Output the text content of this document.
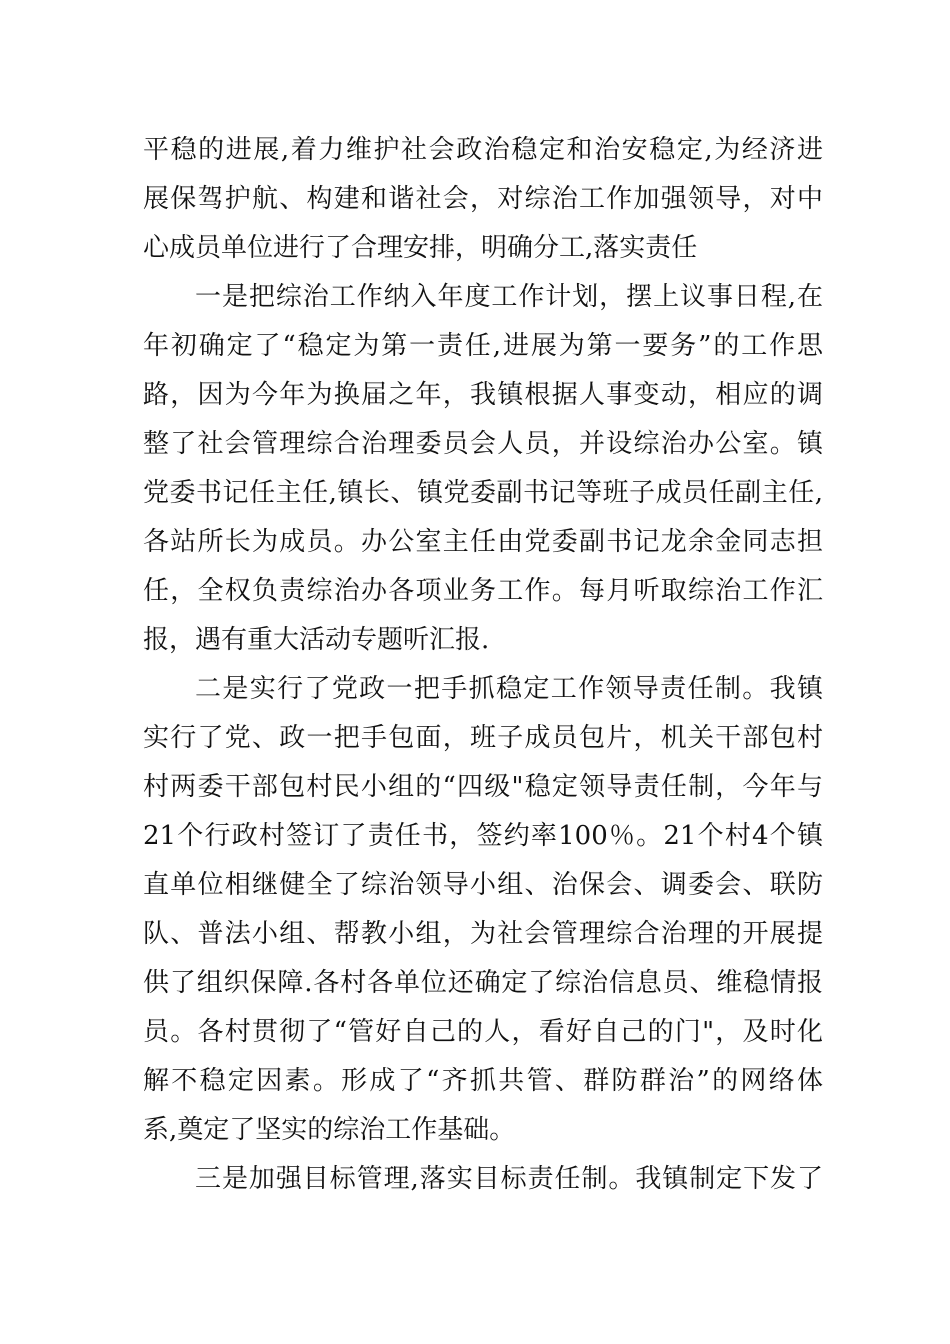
平稳的进展,着力维护社会政治稳定和治安稳定,为经济进
展保驾护航、构建和谐社会，对综治工作加强领导，对中
心成员单位进行了合理安排，明确分工,落实责任
一是把综治工作纳入年度工作计划，摆上议事日程,在
年初确定了“稳定为第一责任,进展为第一要务”的工作思
路，因为今年为换届之年，我镇根据人事变动，相应的调
整了社会管理综合治理委员会人员，并设综治办公室。镇
党委书记任主任,镇长、镇党委副书记等班子成员任副主任,
各站所长为成员。办公室主任由党委副书记龙余金同志担
任，全权负责综治办各项业务工作。每月听取综治工作汇
报，遇有重大活动专题听汇报.
二是实行了党政一把手抓稳定工作领导责任制。我镇
实行了党、政一把手包面，班子成员包片，机关干部包村
村两委干部包村民小组的“四级"稳定领导责任制，今年与
21个行政村签订了责任书，签约率100％。21个村4个镇
直单位相继健全了综治领导小组、治保会、调委会、联防
队、普法小组、帮教小组，为社会管理综合治理的开展提
供了组织保障.各村各单位还确定了综治信息员、维稳情报
员。各村贯彻了“管好自己的人，看好自己的门"，及时化
解不稳定因素。形成了“齐抓共管、群防群治”的网络体
系,奠定了坚实的综治工作基础。
三是加强目标管理,落实目标责任制。我镇制定下发了
